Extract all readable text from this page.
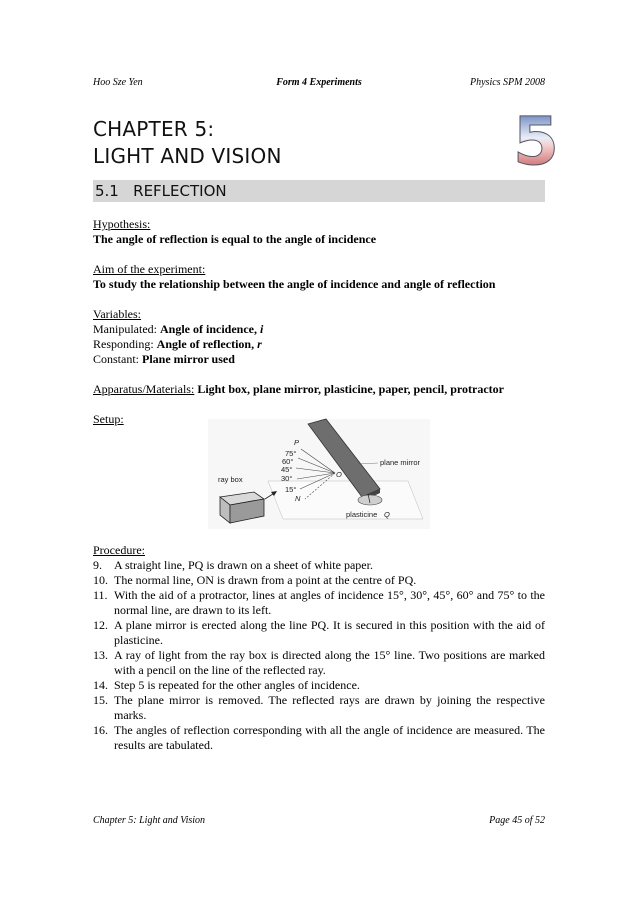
Hoo Sze Yen	Form 4 Experiments	Physics SPM 2008
CHAPTER 5:
LIGHT AND VISION	5
5.1   REFLECTION
Hypothesis:
The angle of reflection is equal to the angle of incidence
Aim of the experiment:
To study the relationship between the angle of incidence and angle of reflection
Variables:
Manipulated: Angle of incidence, i
Responding: Angle of reflection, r
Constant: Plane mirror used
Apparatus/Materials: Light box, plane mirror, plasticine, paper, pencil, protractor
Setup:
P
Q
O
N
75°
60°
45°
30°
15°
ray box
plane mirror
plasticine
Procedure:
9. A straight line, PQ is drawn on a sheet of white paper.
10. The normal line, ON is drawn from a point at the centre of PQ.
11. With the aid of a protractor, lines at angles of incidence 15°, 30°, 45°, 60° and 75° to the normal line, are drawn to its left.
12. A plane mirror is erected along the line PQ. It is secured in this position with the aid of plasticine.
13. A ray of light from the ray box is directed along the 15° line. Two positions are marked with a pencil on the line of the reflected ray.
14. Step 5 is repeated for the other angles of incidence.
15. The plane mirror is removed. The reflected rays are drawn by joining the respective marks.
16. The angles of reflection corresponding with all the angle of incidence are measured. The results are tabulated.
Chapter 5: Light and Vision	Page 45 of 52
